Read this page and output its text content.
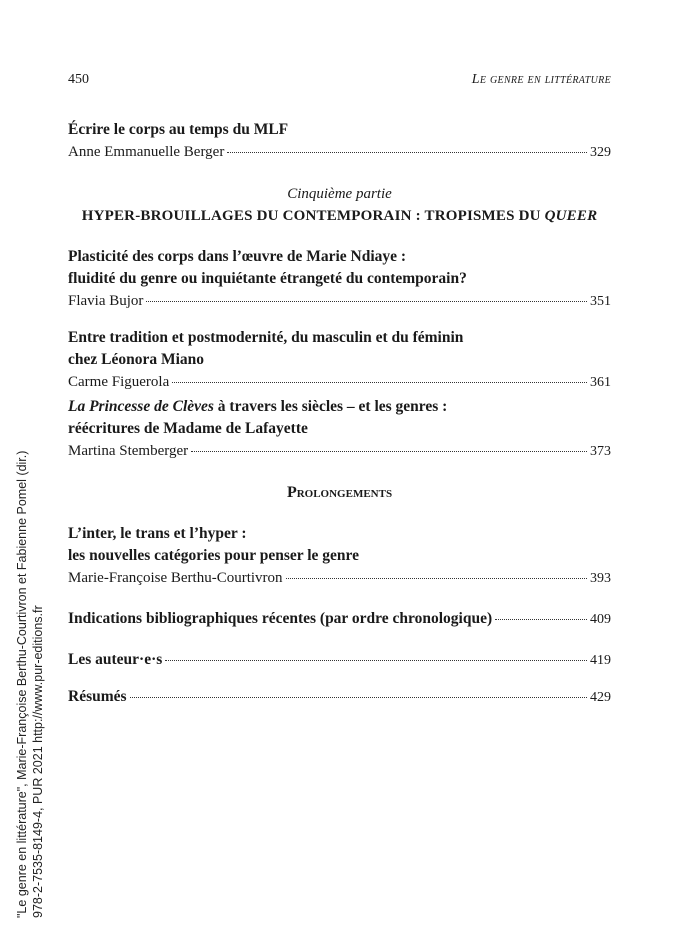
450	Le genre en littérature
Écrire le corps au temps du MLF
Anne Emmanuelle Berger	329
Cinquième partie
HYPER-BROUILLAGES DU CONTEMPORAIN : TROPISMES DU QUEER
Plasticité des corps dans l’œuvre de Marie Ndiaye :
fluidité du genre ou inquiétante étrangeté du contemporain?
Flavia Bujor	351
Entre tradition et postmodernité, du masculin et du féminin
chez Léonora Miano
Carme Figuerola	361
La Princesse de Clèves à travers les siècles – et les genres :
réécritures de Madame de Lafayette
Martina Stemberger	373
Prolongements
L’inter, le trans et l’hyper :
les nouvelles catégories pour penser le genre
Marie-Françoise Berthu-Courtivron	393
Indications bibliographiques récentes (par ordre chronologique)	409
Les auteur·e·s	419
Résumés	429
"Le genre en littérature", Marie-Françoise Berthu-Courtivron et Fabienne Pomel (dir.) 978-2-7535-8149-4, PUR 2021 http://www.pur-editions.fr
